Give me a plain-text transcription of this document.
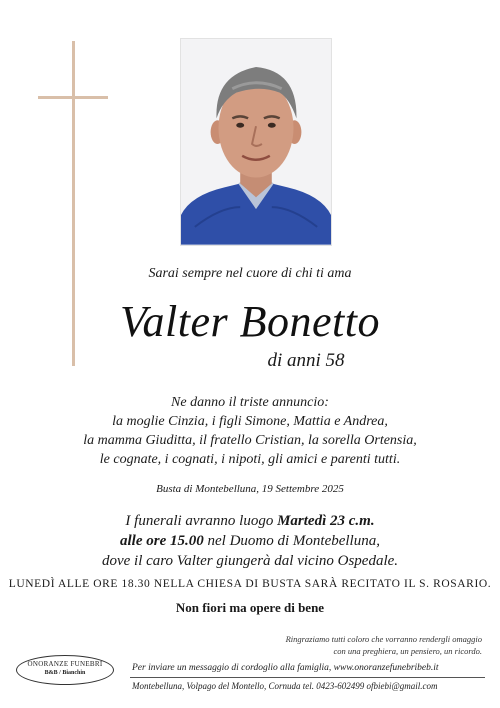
Sarai sempre nel cuore di chi ti ama
Valter Bonetto
di anni 58
Ne danno il triste annuncio:
la moglie Cinzia, i figli Simone, Mattia e Andrea,
la mamma Giuditta, il fratello Cristian, la sorella Ortensia,
le cognate, i cognati, i nipoti, gli amici e parenti tutti.
Busta di Montebelluna, 19 Settembre 2025
I funerali avranno luogo Martedì 23 c.m.
alle ore 15.00 nel Duomo di Montebelluna,
dove il caro Valter giungerà dal vicino Ospedale.
LUNEDÌ ALLE ORE 18.30 NELLA CHIESA DI BUSTA SARÀ RECITATO IL S. ROSARIO.
Non fiori ma opere di bene
Ringraziamo tutti coloro che vorranno rendergli omaggio
con una preghiera, un pensiero, un ricordo.
ONORANZE FUNEBRI
B&B / Bianchin	Per inviare un messaggio di cordoglio alla famiglia, www.onoranzefunebribeb.it
Montebelluna, Volpago del Montello, Cornuda tel. 0423-602499 ofbiebi@gmail.com
